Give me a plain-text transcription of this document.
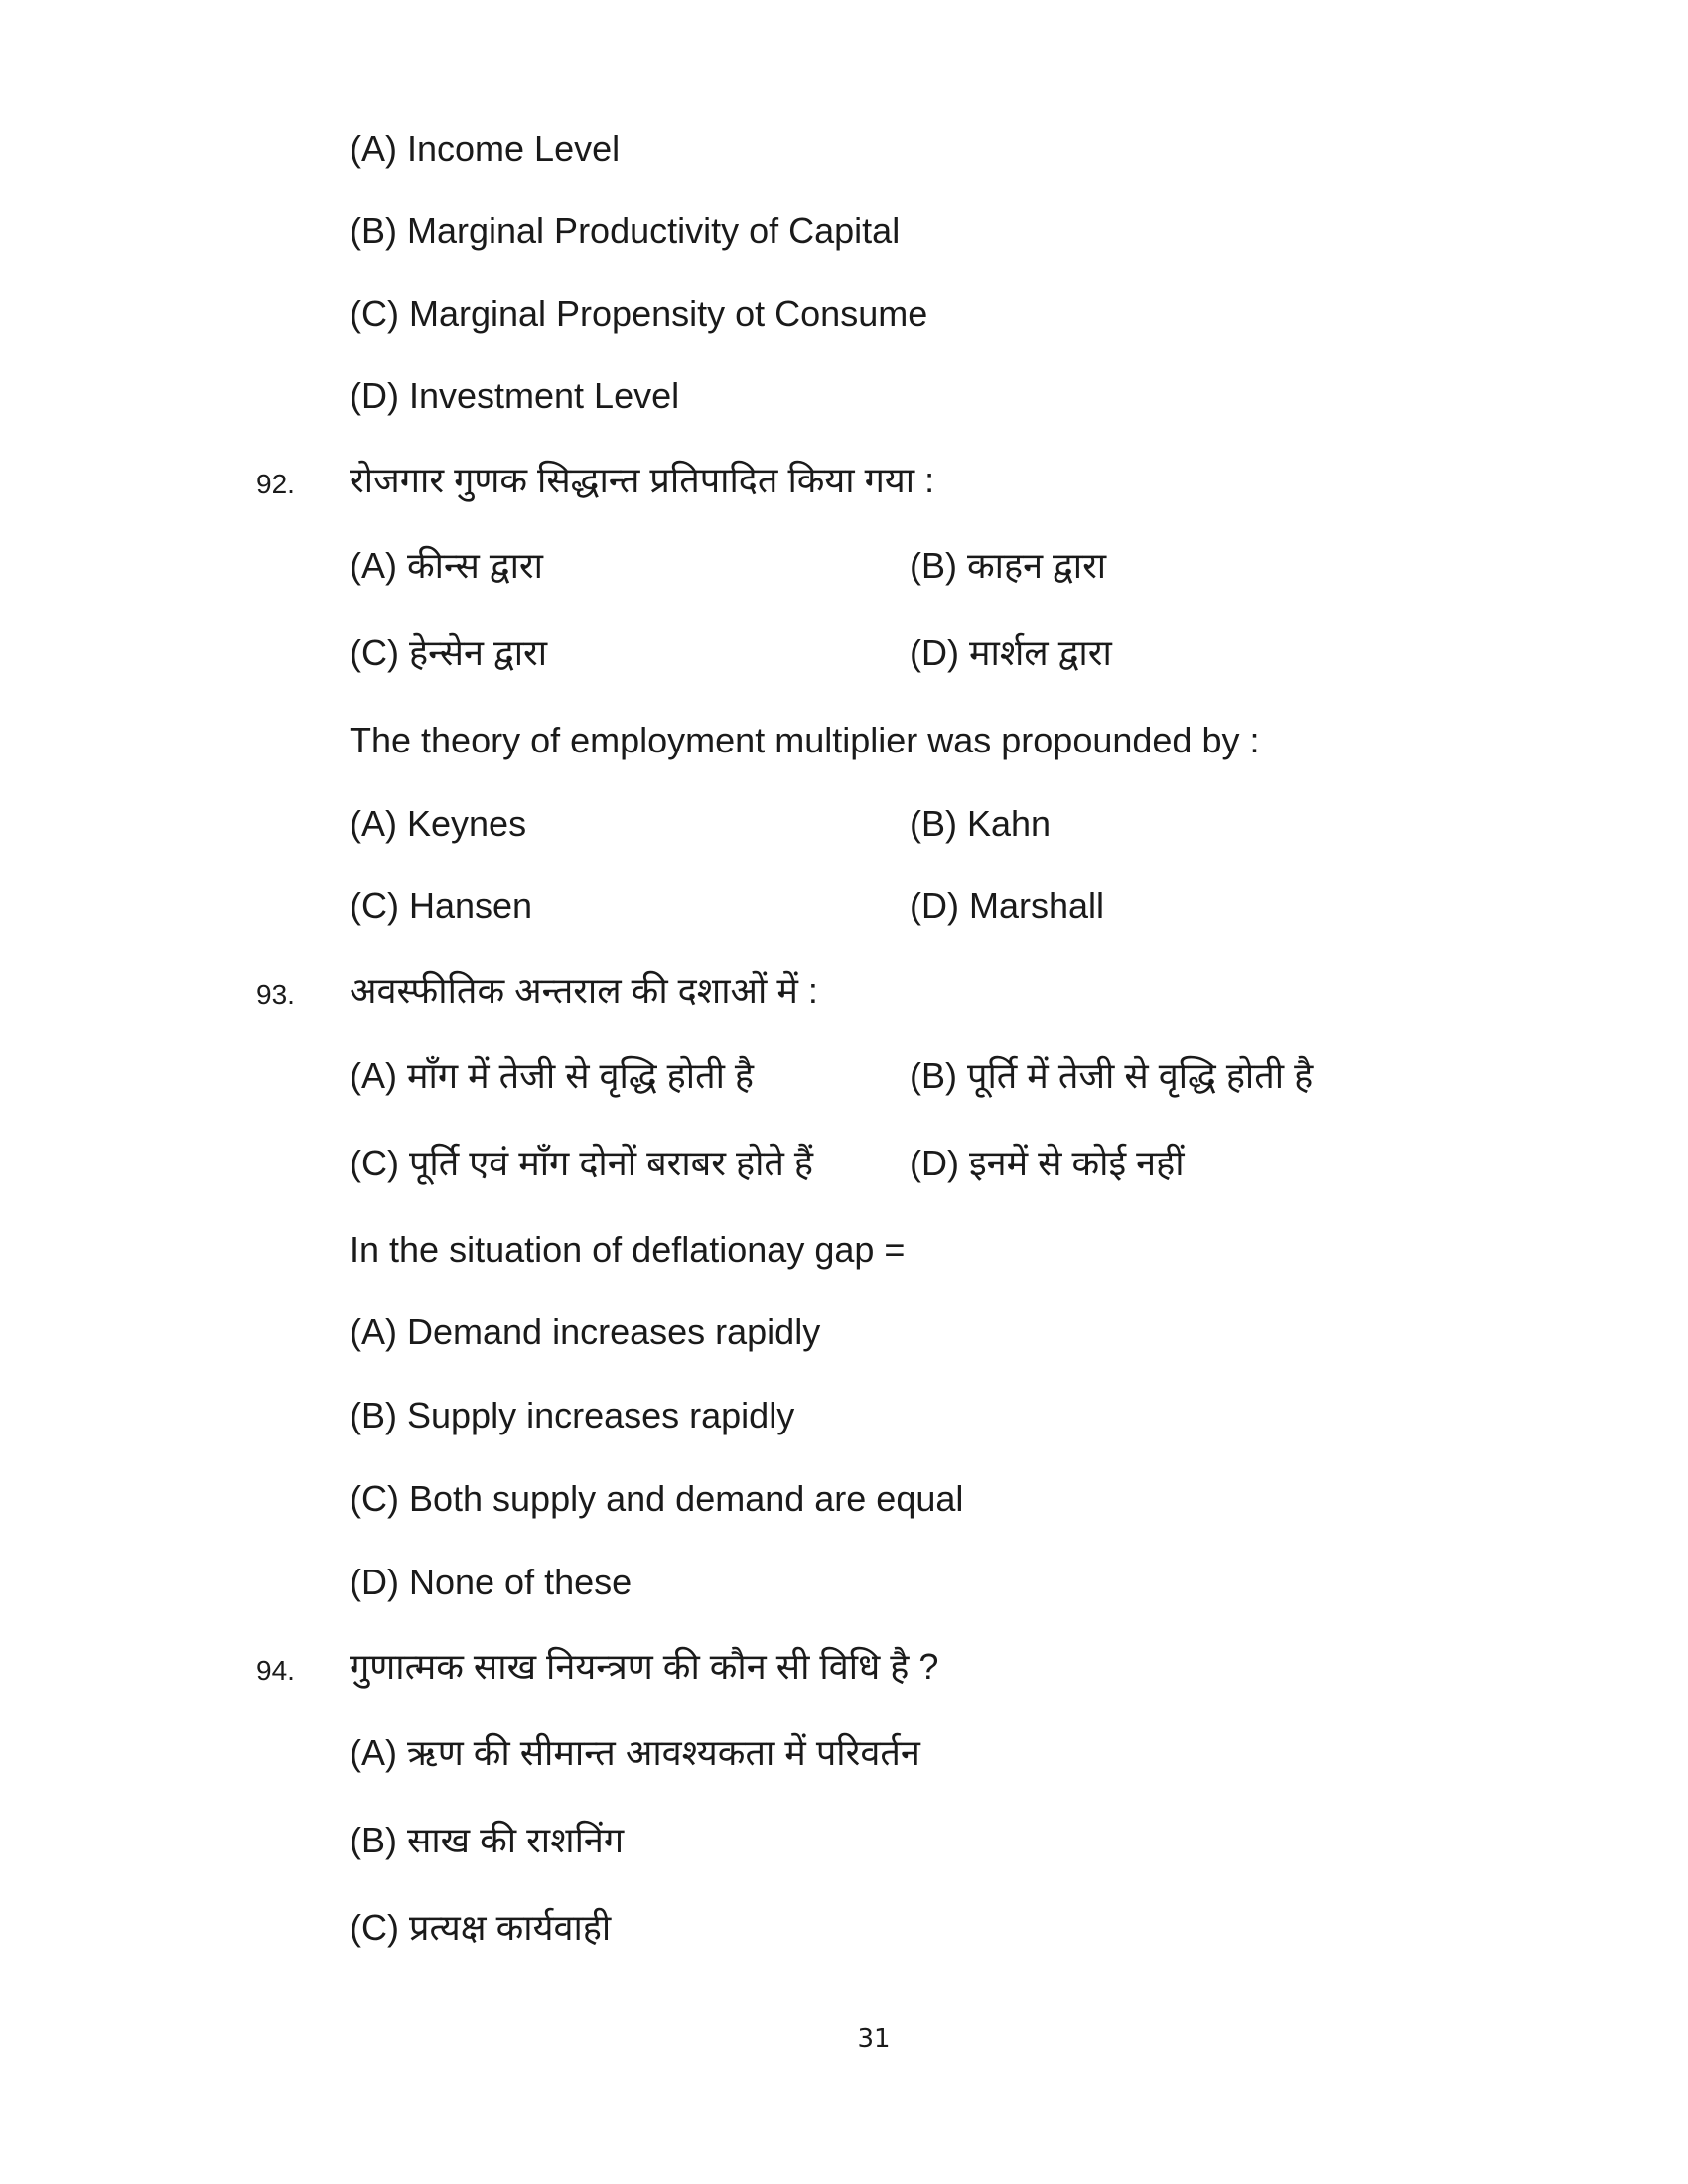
(A) Income Level
(B) Marginal Productivity of Capital
(C) Marginal Propensity ot Consume
(D) Investment Level
92. रोजगार गुणक सिद्धान्त प्रतिपादित किया गया :
(A) कीन्स द्वारा	(B) काहन द्वारा
(C) हेन्सेन द्वारा	(D) मार्शल द्वारा
The theory of employment multiplier was propounded by :
(A) Keynes	(B) Kahn
(C) Hansen	(D) Marshall
93. अवस्फीतिक अन्तराल की दशाओं में :
(A) माँग में तेजी से वृद्धि होती है	(B) पूर्ति में तेजी से वृद्धि होती है
(C) पूर्ति एवं माँग दोनों बराबर होते हैं	(D) इनमें से कोई नहीं
In the situation of deflationay gap =
(A) Demand increases rapidly
(B) Supply increases rapidly
(C) Both supply and demand are equal
(D) None of these
94. गुणात्मक साख नियन्त्रण की कौन सी विधि है ?
(A) ऋण की सीमान्त आवश्यकता में परिवर्तन
(B) साख की राशनिंग
(C) प्रत्यक्ष कार्यवाही
31
